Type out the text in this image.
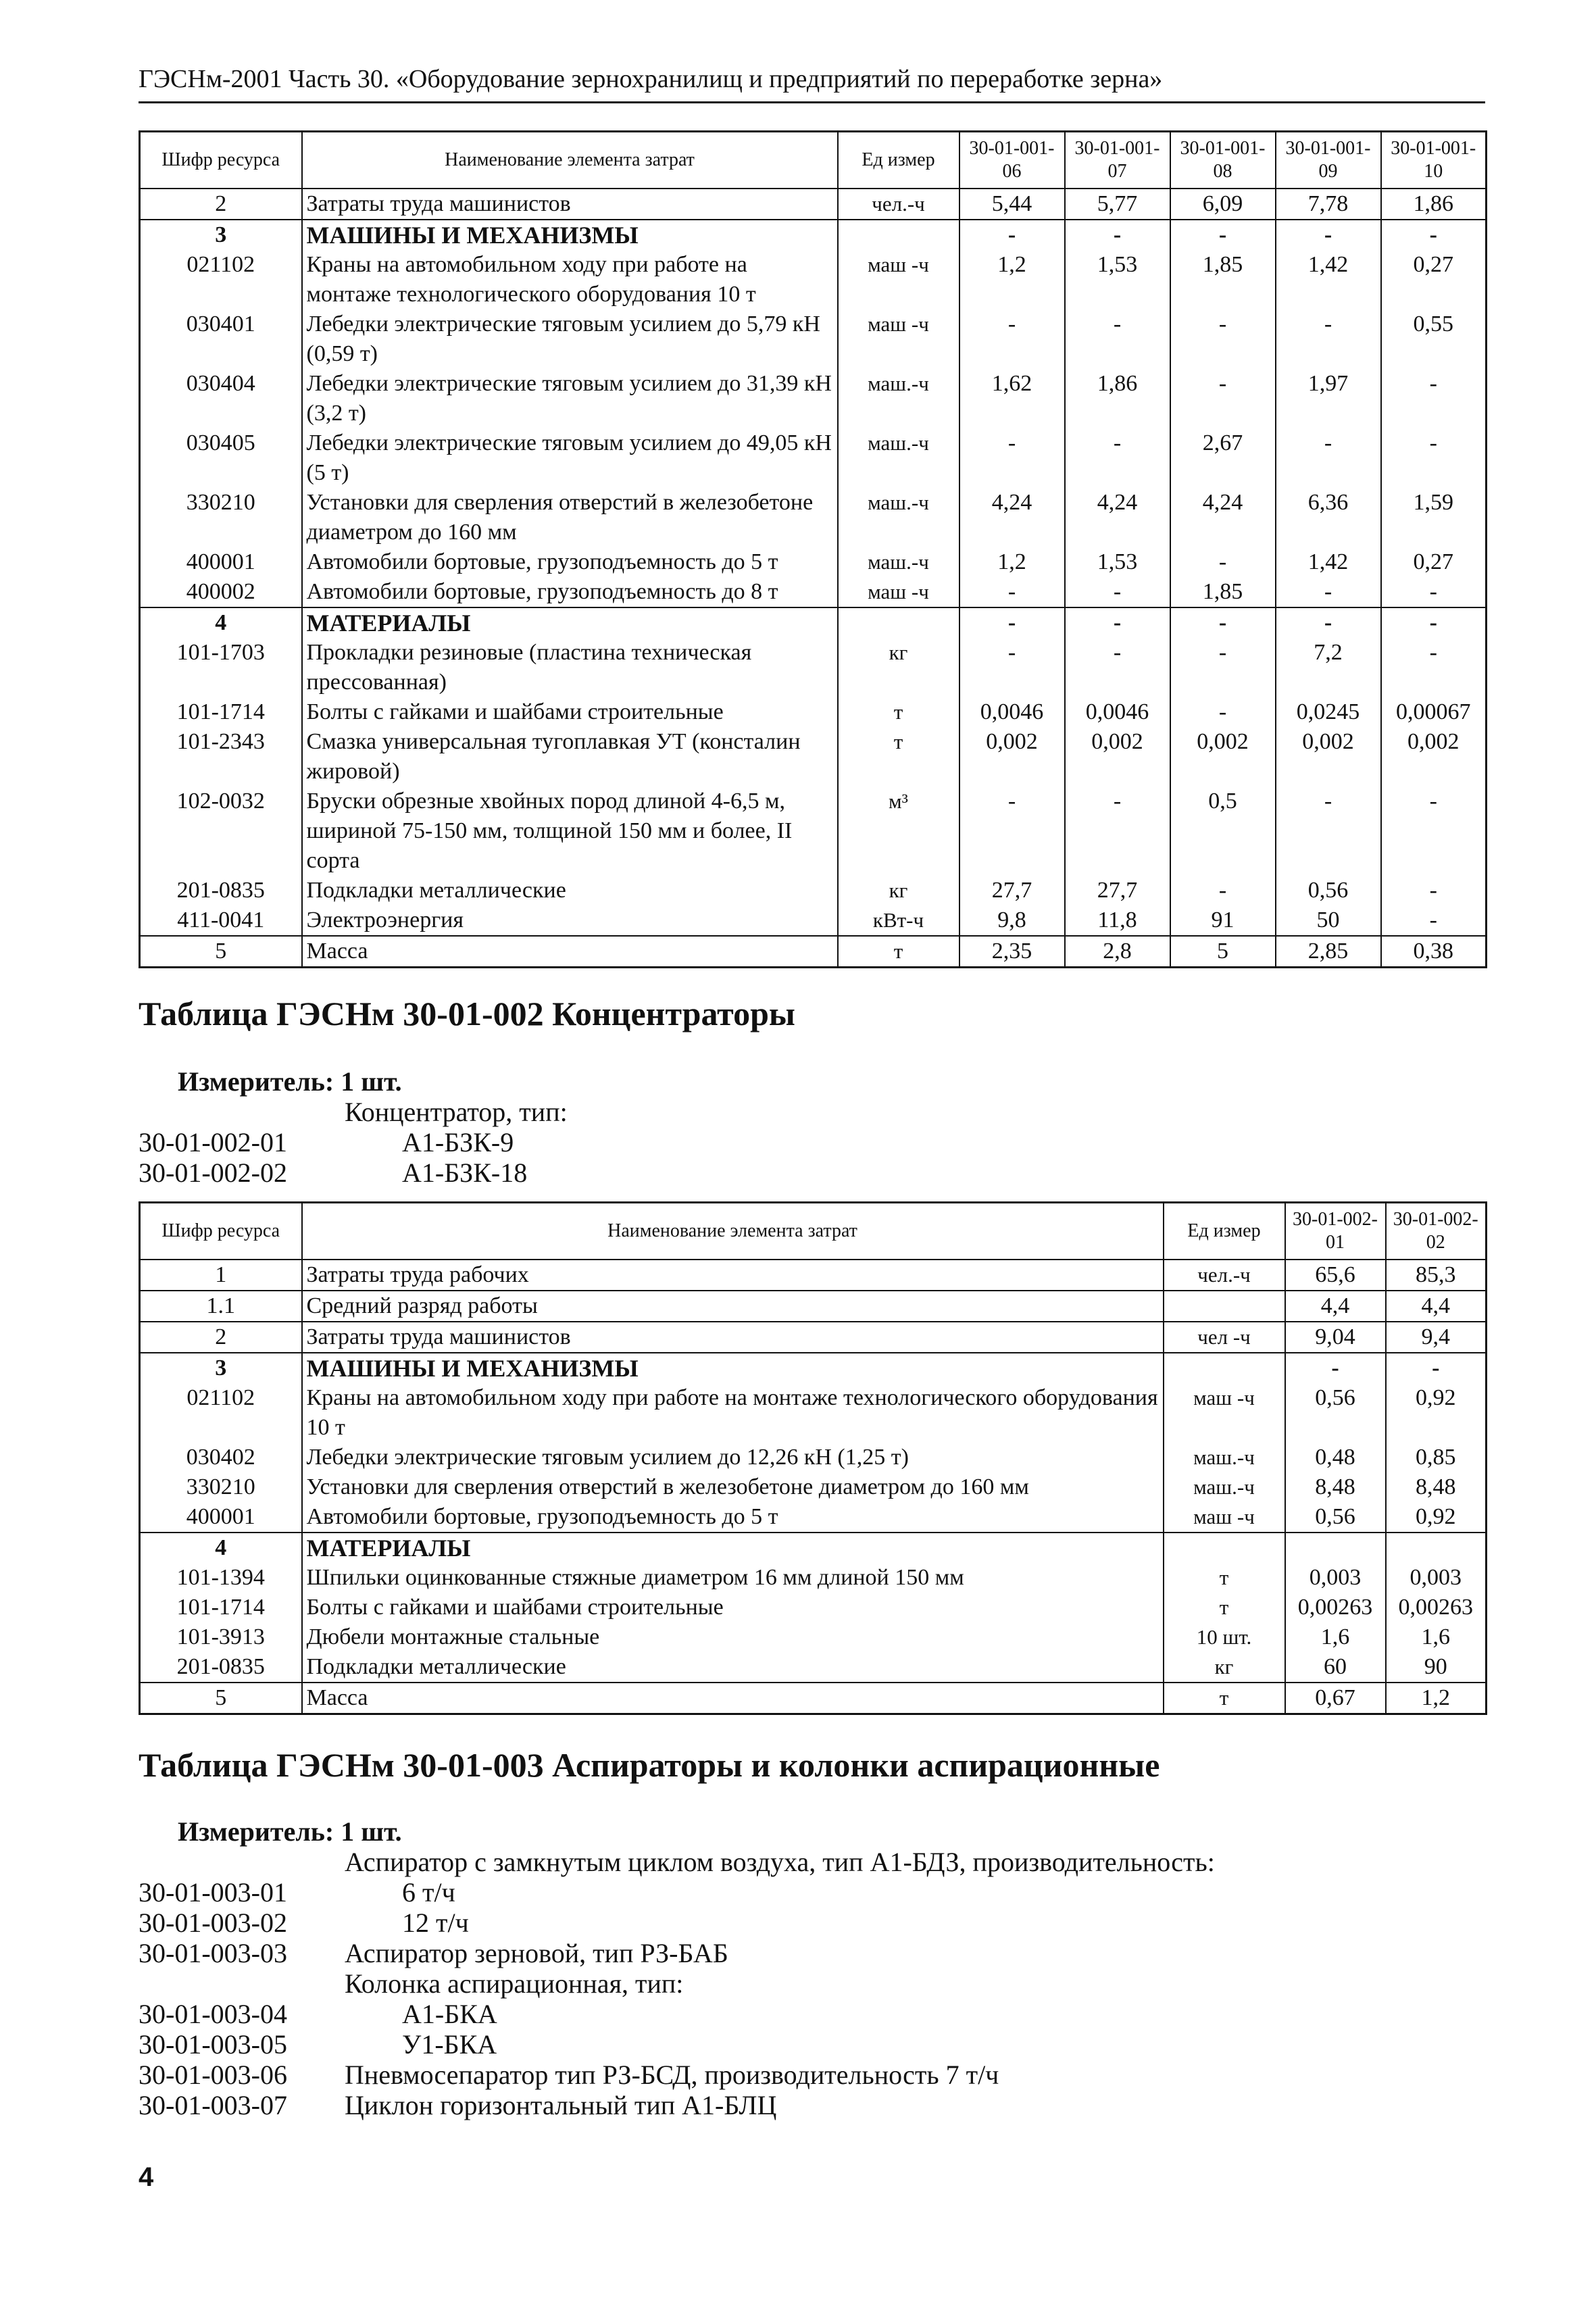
ГЭСНм-2001 Часть 30. «Оборудование зернохранилищ и предприятий по переработке зерна»
Шифр ресурса	Наименование элемента затрат	Ед измер	30-01-001-06	30-01-001-07	30-01-001-08	30-01-001-09	30-01-001-10
2	Затраты труда машинистов	чел.-ч	5,44	5,77	6,09	7,78	1,86
3	МАШИНЫ И МЕХАНИЗМЫ		-	-	-	-	-
021102	Краны на автомобильном ходу при работе на монтаже технологического оборудования 10 т	маш -ч	1,2	1,53	1,85	1,42	0,27
030401	Лебедки электрические тяговым усилием до 5,79 кН (0,59 т)	маш -ч	-	-	-	-	0,55
030404	Лебедки электрические тяговым усилием до 31,39 кН (3,2 т)	маш.-ч	1,62	1,86	-	1,97	-
030405	Лебедки электрические тяговым усилием до 49,05 кН (5 т)	маш.-ч	-	-	2,67	-	-
330210	Установки для сверления отверстий в железобетоне диаметром до 160 мм	маш.-ч	4,24	4,24	4,24	6,36	1,59
400001	Автомобили бортовые, грузоподъемность до 5 т	маш.-ч	1,2	1,53	-	1,42	0,27
400002	Автомобили бортовые, грузоподъемность до 8 т	маш -ч	-	-	1,85	-	-
4	МАТЕРИАЛЫ		-	-	-	-	-
101-1703	Прокладки резиновые (пластина техническая прессованная)	кг	-	-	-	7,2	-
101-1714	Болты с гайками и шайбами строительные	т	0,0046	0,0046	-	0,0245	0,00067
101-2343	Смазка универсальная тугоплавкая УТ (консталин жировой)	т	0,002	0,002	0,002	0,002	0,002
102-0032	Бруски обрезные хвойных пород длиной 4-6,5 м, шириной 75-150 мм, толщиной 150 мм и более, II сорта	м³	-	-	0,5	-	-
201-0835	Подкладки металлические	кг	27,7	27,7	-	0,56	-
411-0041	Электроэнергия	кВт-ч	9,8	11,8	91	50	-
5	Масса	т	2,35	2,8	5	2,85	0,38
Таблица ГЭСНм 30-01-002 Концентраторы
Измеритель: 1 шт.
Концентратор, тип:
30-01-002-01	А1-БЗК-9
30-01-002-02	А1-БЗК-18
Шифр ресурса	Наименование элемента затрат	Ед измер	30-01-002-01	30-01-002-02
1	Затраты труда рабочих	чел.-ч	65,6	85,3
1.1	Средний разряд работы		4,4	4,4
2	Затраты труда машинистов	чел -ч	9,04	9,4
3	МАШИНЫ И МЕХАНИЗМЫ		-	-
021102	Краны на автомобильном ходу при работе на монтаже технологического оборудования 10 т	маш -ч	0,56	0,92
030402	Лебедки электрические тяговым усилием до 12,26 кН (1,25 т)	маш.-ч	0,48	0,85
330210	Установки для сверления отверстий в железобетоне диаметром до 160 мм	маш.-ч	8,48	8,48
400001	Автомобили бортовые, грузоподъемность до 5 т	маш -ч	0,56	0,92
4	МАТЕРИАЛЫ			
101-1394	Шпильки оцинкованные стяжные диаметром 16 мм длиной 150 мм	т	0,003	0,003
101-1714	Болты с гайками и шайбами строительные	т	0,00263	0,00263
101-3913	Дюбели монтажные стальные	10 шт.	1,6	1,6
201-0835	Подкладки металлические	кг	60	90
5	Масса	т	0,67	1,2
Таблица ГЭСНм 30-01-003 Аспираторы и колонки аспирационные
Измеритель: 1 шт.
Аспиратор с замкнутым циклом воздуха, тип А1-БДЗ, производительность:
30-01-003-01	6 т/ч
30-01-003-02	12 т/ч
30-01-003-03 Аспиратор зерновой, тип РЗ-БАБ
Колонка аспирационная, тип:
30-01-003-04	А1-БКА
30-01-003-05	У1-БКА
30-01-003-06 Пневмосепаратор тип РЗ-БСД, производительность 7 т/ч
30-01-003-07 Циклон горизонтальный тип А1-БЛЦ
4
